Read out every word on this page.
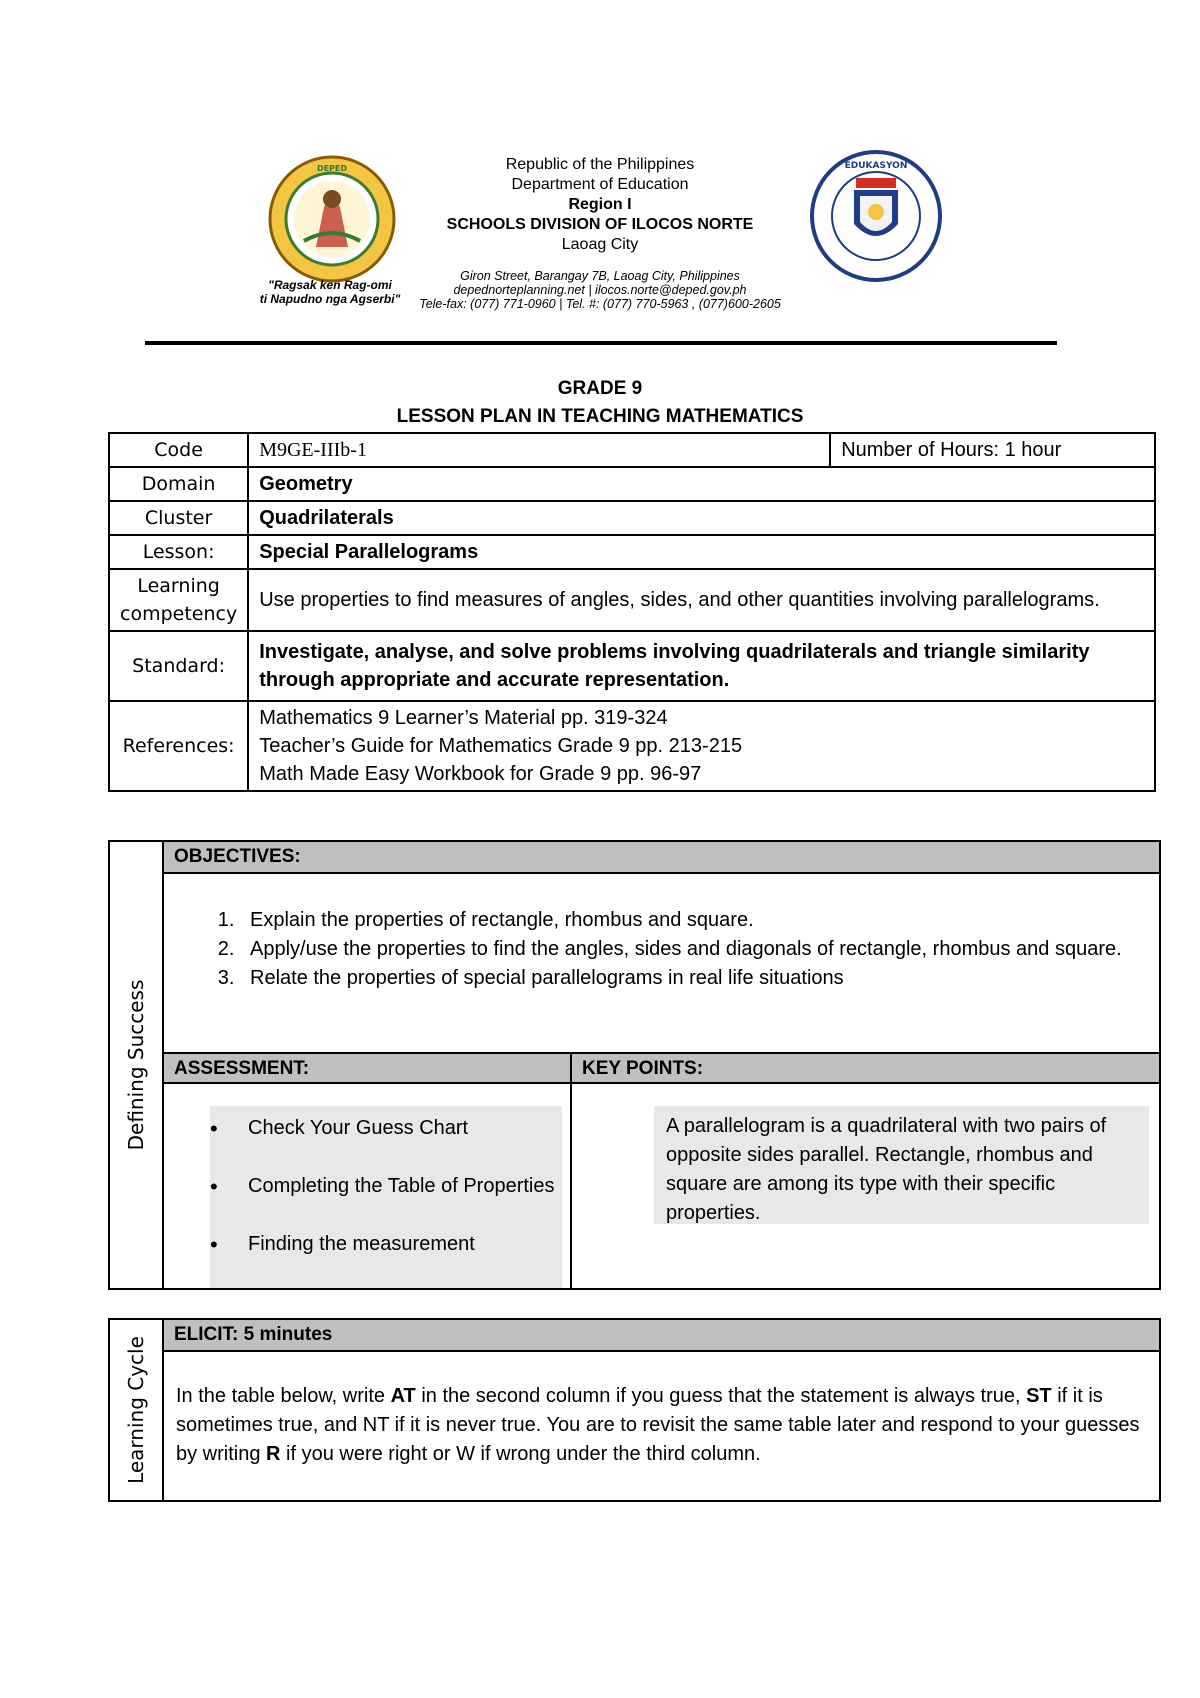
DEPED
"Ragsak ken Rag-omi
ti Napudno nga Agserbi"
Republic of the Philippines
Department of Education
Region I
SCHOOLS DIVISION OF ILOCOS NORTE
Laoag City
Giron Street, Barangay 7B, Laoag City, Philippines
depednorteplanning.net | ilocos.norte@deped.gov.ph
Tele-fax: (077) 771-0960 | Tel. #: (077) 770-5963 , (077)600-2605
EDUKASYON
GRADE 9
LESSON PLAN IN TEACHING MATHEMATICS
Code	M9GE-IIIb-1	Number of Hours: 1 hour
Domain	Geometry	
Cluster	Quadrilaterals	
Lesson:	Special Parallelograms	

Learning
competency	Use properties to find measures of angles, sides, and other quantities involving parallelograms.	
Standard:	Investigate, analyse, and solve problems involving quadrilaterals and triangle similarity through appropriate and accurate representation.	
References:	Mathematics 9 Learner’s Material pp. 319-324
Teacher’s Guide for Mathematics Grade 9 pp. 213-215
Math Made Easy Workbook for Grade 9 pp. 96-97	
Defining Success
OBJECTIVES:
1. Explain the properties of rectangle, rhombus and square.
2. Apply/use the properties to find the angles, sides and diagonals of rectangle, rhombus and square.
3. Relate the properties of special parallelograms in real life situations
ASSESSMENT:	KEY POINTS:
• Check Your Guess Chart
• Completing the Table of Properties
• Finding the measurement
A parallelogram is a quadrilateral with two pairs of opposite sides parallel. Rectangle, rhombus and square are among its type with their specific properties.
Learning Cycle
ELICIT: 5 minutes
In the table below, write AT in the second column if you guess that the statement is always true, ST if it is sometimes true, and NT if it is never true. You are to revisit the same table later and respond to your guesses by writing R if you were right or W if wrong under the third column.
